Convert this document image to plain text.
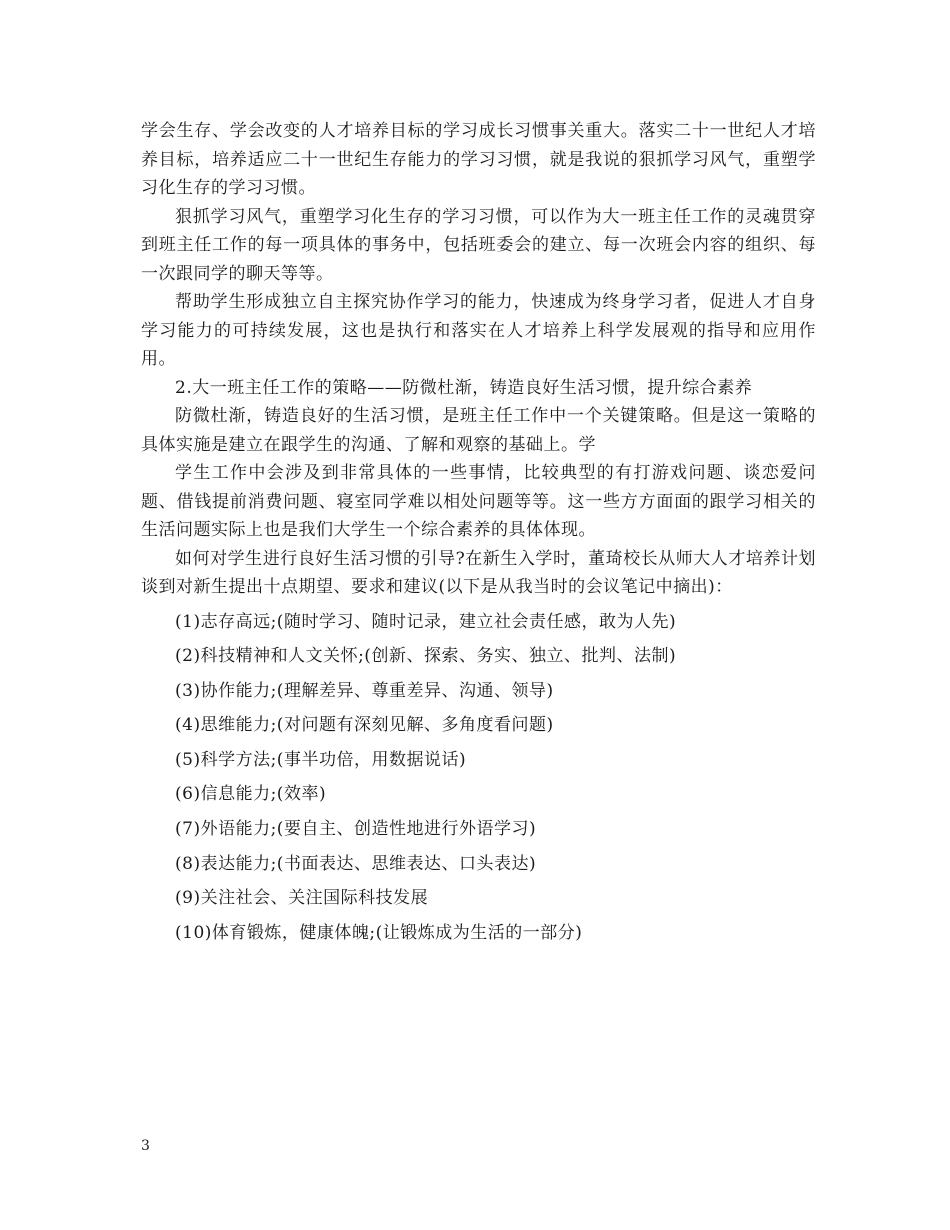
学会生存、学会改变的人才培养目标的学习成长习惯事关重大。落实二十一世纪人才培养目标，培养适应二十一世纪生存能力的学习习惯，就是我说的狠抓学习风气，重塑学习化生存的学习习惯。

狠抓学习风气，重塑学习化生存的学习习惯，可以作为大一班主任工作的灵魂贯穿到班主任工作的每一项具体的事务中，包括班委会的建立、每一次班会内容的组织、每一次跟同学的聊天等等。

帮助学生形成独立自主探究协作学习的能力，快速成为终身学习者，促进人才自身学习能力的可持续发展，这也是执行和落实在人才培养上科学发展观的指导和应用作用。

2.大一班主任工作的策略——防微杜渐，铸造良好生活习惯，提升综合素养

防微杜渐，铸造良好的生活习惯，是班主任工作中一个关键策略。但是这一策略的具体实施是建立在跟学生的沟通、了解和观察的基础上。学

学生工作中会涉及到非常具体的一些事情，比较典型的有打游戏问题、谈恋爱问题、借钱提前消费问题、寝室同学难以相处问题等等。这一些方方面面的跟学习相关的生活问题实际上也是我们大学生一个综合素养的具体体现。

如何对学生进行良好生活习惯的引导?在新生入学时，董琦校长从师大人才培养计划谈到对新生提出十点期望、要求和建议(以下是从我当时的会议笔记中摘出)：

(1)志存高远;(随时学习、随时记录，建立社会责任感，敢为人先)
(2)科技精神和人文关怀;(创新、探索、务实、独立、批判、法制)
(3)协作能力;(理解差异、尊重差异、沟通、领导)
(4)思维能力;(对问题有深刻见解、多角度看问题)
(5)科学方法;(事半功倍，用数据说话)
(6)信息能力;(效率)
(7)外语能力;(要自主、创造性地进行外语学习)
(8)表达能力;(书面表达、思维表达、口头表达)
(9)关注社会、关注国际科技发展
(10)体育锻炼，健康体魄;(让锻炼成为生活的一部分)
3
